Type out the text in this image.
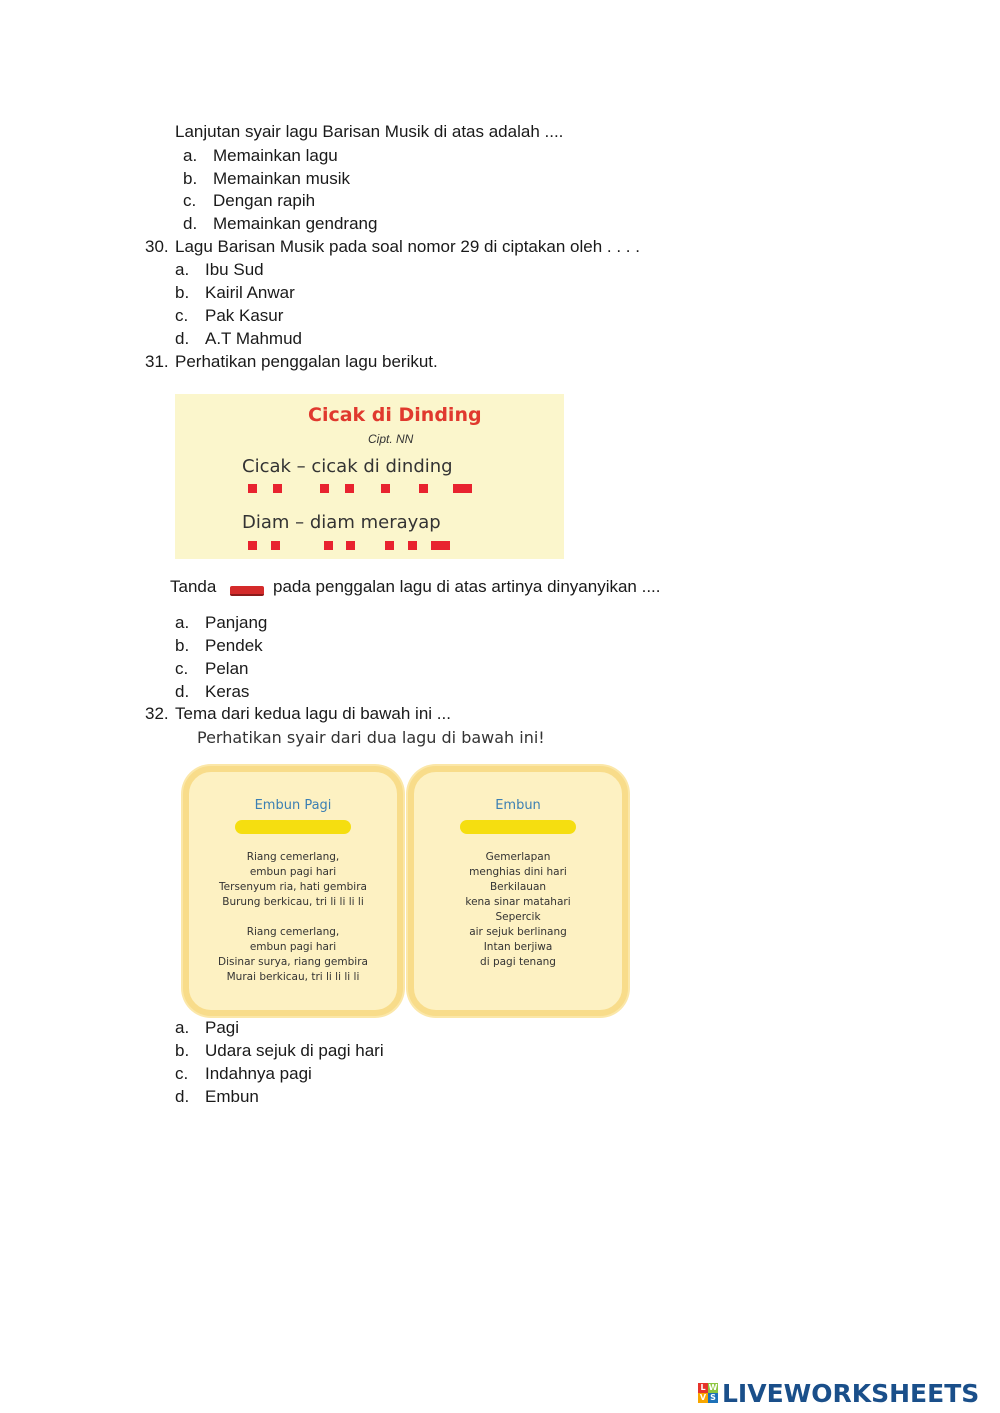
Lanjutan syair lagu Barisan Musik di atas adalah ....
a. Memainkan lagu
b. Memainkan musik
c. Dengan rapih
d. Memainkan gendrang
30. Lagu Barisan Musik pada soal nomor 29 di ciptakan oleh . . . .
a. Ibu Sud
b. Kairil Anwar
c. Pak Kasur
d. A.T Mahmud
31. Perhatikan penggalan lagu berikut.
Cicak di Dinding
Cipt. NN
Cicak – cicak di dinding
Diam – diam merayap
Tanda	pada penggalan lagu di atas artinya dinyanyikan ....
a. Panjang
b. Pendek
c. Pelan
d. Keras
32. Tema dari kedua lagu di bawah ini ...
Perhatikan syair dari dua lagu di bawah ini!
Embun Pagi
Riang cemerlang,
embun pagi hari
Tersenyum ria, hati gembira
Burung berkicau, tri li li li li
Riang cemerlang,
embun pagi hari
Disinar surya, riang gembira
Murai berkicau, tri li li li li
Embun
Gemerlapan
menghias dini hari
Berkilauan
kena sinar matahari
Sepercik
air sejuk berlinang
Intan berjiwa
di pagi tenang
a. Pagi
b. Udara sejuk di pagi hari
c. Indahnya pagi
d. Embun
L W
V S LIVEWORKSHEETS
